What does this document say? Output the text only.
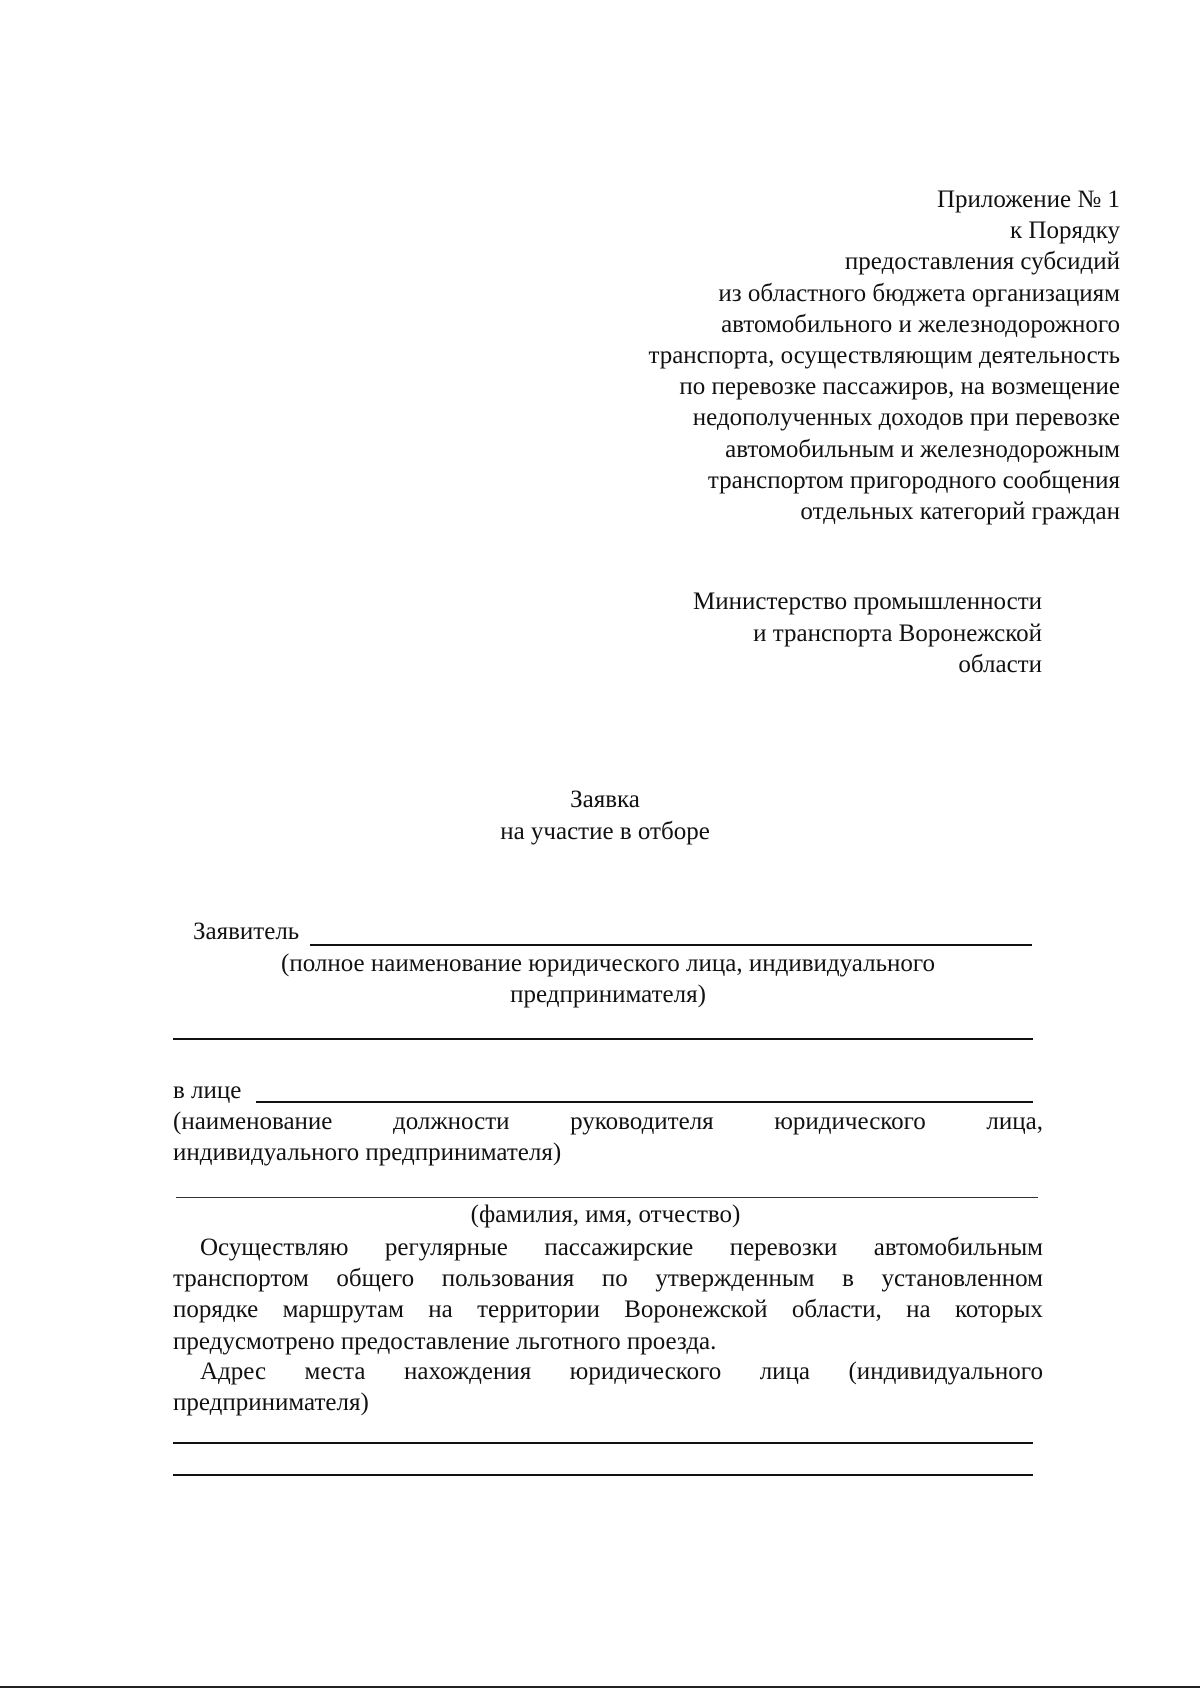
Приложение № 1
к Порядку
предоставления субсидий
из областного бюджета организациям
автомобильного и железнодорожного
транспорта, осуществляющим деятельность
по перевозке пассажиров, на возмещение
недополученных доходов при перевозке
автомобильным и железнодорожным
транспортом пригородного сообщения
отдельных категорий граждан
Министерство промышленности
и транспорта Воронежской
области
Заявка
на участие в отборе
Заявитель
(полное наименование юридического лица, индивидуального
предпринимателя)
в лице
(наименование должности руководителя юридического лица,
индивидуального предпринимателя)
(фамилия, имя, отчество)
Осуществляю регулярные пассажирские перевозки автомобильным
транспортом общего пользования по утвержденным в установленном
порядке маршрутам на территории Воронежской области, на которых
предусмотрено предоставление льготного проезда.
Адрес места нахождения юридического лица (индивидуального
предпринимателя)
